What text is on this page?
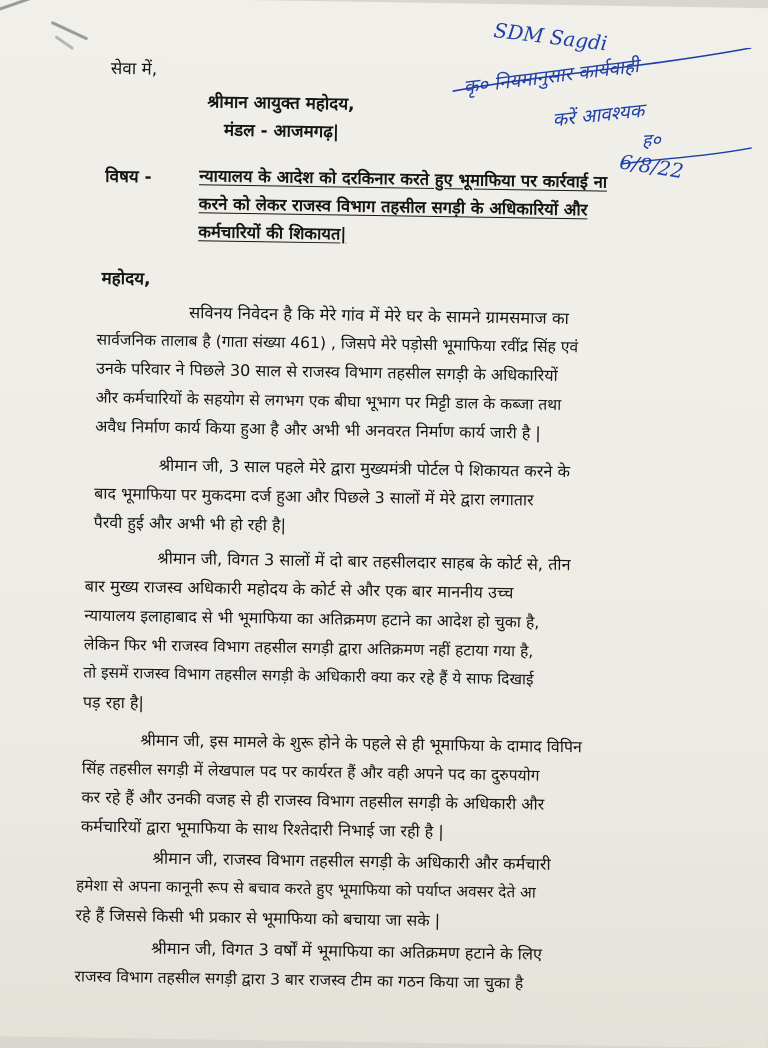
सेवा में,
श्रीमान आयुक्त महोदय,
मंडल - आजमगढ़|
विषय -	न्यायालय के आदेश को दरकिनार करते हुए भूमाफिया पर कार्रवाई ना
करने को लेकर राजस्व विभाग तहसील सगड़ी के अधिकारियों और
कर्मचारियों की शिकायत|
महोदय,
सविनय निवेदन है कि मेरे गांव में मेरे घर के सामने ग्रामसमाज का
सार्वजनिक तालाब है (गाता संख्या 461) , जिसपे मेरे पड़ोसी भूमाफिया रवींद्र सिंह एवं
उनके परिवार ने पिछले 30 साल से राजस्व विभाग तहसील सगड़ी के अधिकारियों
और कर्मचारियों के सहयोग से लगभग एक बीघा भूभाग पर मिट्टी डाल के कब्जा तथा
अवैध निर्माण कार्य किया हुआ है और अभी भी अनवरत निर्माण कार्य जारी है |
श्रीमान जी, 3 साल पहले मेरे द्वारा मुख्यमंत्री पोर्टल पे शिकायत करने के
बाद भूमाफिया पर मुकदमा दर्ज हुआ और पिछले 3 सालों में मेरे द्वारा लगातार
पैरवी हुई और अभी भी हो रही है|
श्रीमान जी, विगत 3 सालों में दो बार तहसीलदार साहब के कोर्ट से, तीन
बार मुख्य राजस्व अधिकारी महोदय के कोर्ट से और एक बार माननीय उच्च
न्यायालय इलाहाबाद से भी भूमाफिया का अतिक्रमण हटाने का आदेश हो चुका है,
लेकिन फिर भी राजस्व विभाग तहसील सगड़ी द्वारा अतिक्रमण नहीं हटाया गया है,
तो इसमें राजस्व विभाग तहसील सगड़ी के अधिकारी क्या कर रहे हैं ये साफ दिखाई
पड़ रहा है|
श्रीमान जी, इस मामले के शुरू होने के पहले से ही भूमाफिया के दामाद विपिन
सिंह तहसील सगड़ी में लेखपाल पद पर कार्यरत हैं और वही अपने पद का दुरुपयोग
कर रहे हैं और उनकी वजह से ही राजस्व विभाग तहसील सगड़ी के अधिकारी और
कर्मचारियों द्वारा भूमाफिया के साथ रिश्तेदारी निभाई जा रही है |
श्रीमान जी, राजस्व विभाग तहसील सगड़ी के अधिकारी और कर्मचारी
हमेशा से अपना कानूनी रूप से बचाव करते हुए भूमाफिया को पर्याप्त अवसर देते आ
रहे हैं जिससे किसी भी प्रकार से भूमाफिया को बचाया जा सके |
श्रीमान जी, विगत 3 वर्षों में भूमाफिया का अतिक्रमण हटाने के लिए
राजस्व विभाग तहसील सगड़ी द्वारा 3 बार राजस्व टीम का गठन किया जा चुका है
SDM Sagdi
कृ० नियमानुसार कार्यवाही
करें आवश्यक
ह०
6/8/22
